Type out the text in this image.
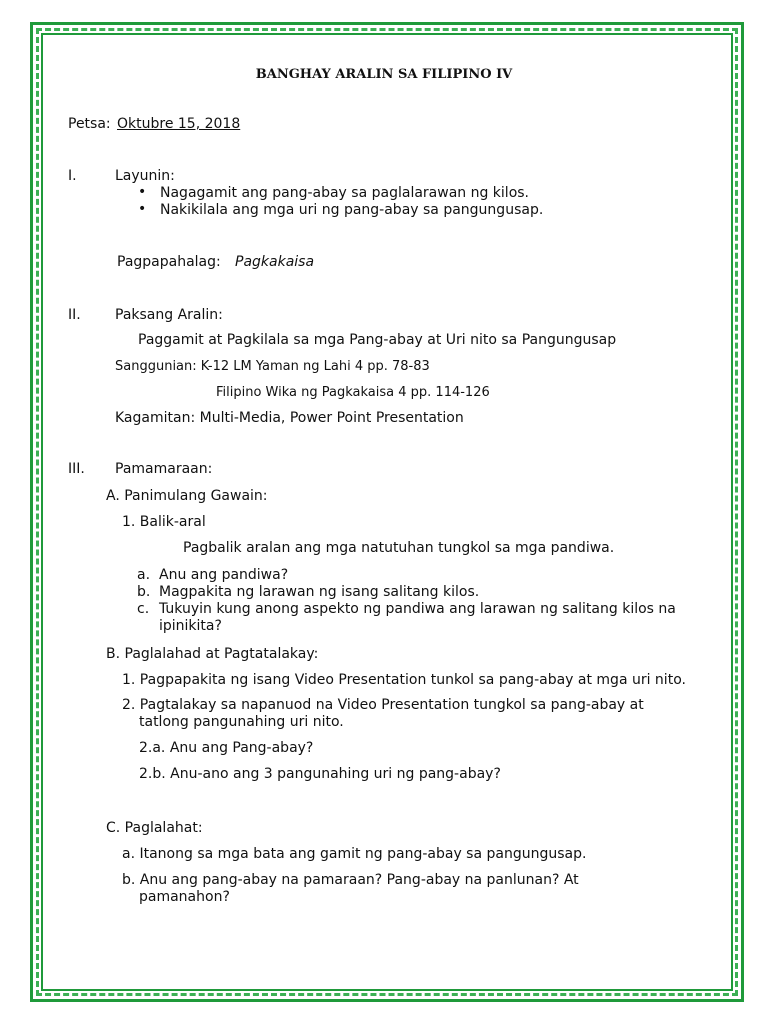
BANGHAY ARALIN SA FILIPINO IV
Petsa: Oktubre 15, 2018
I.	Layunin:
• Nagagamit ang pang-abay sa paglalarawan ng kilos.
• Nakikilala ang mga uri ng pang-abay sa pangungusap.
Pagpapahalag: Pagkakaisa
II. Paksang Aralin:
Paggamit at Pagkilala sa mga Pang-abay at Uri nito sa Pangungusap
Sanggunian: K-12 LM Yaman ng Lahi 4 pp. 78-83
Filipino Wika ng Pagkakaisa 4 pp. 114-126
Kagamitan: Multi-Media, Power Point Presentation
III. Pamamaraan:
A. Panimulang Gawain:
1. Balik-aral
Pagbalik aralan ang mga natutuhan tungkol sa mga pandiwa.
a. Anu ang pandiwa?
b. Magpakita ng larawan ng isang salitang kilos.
c. Tukuyin kung anong aspekto ng pandiwa ang larawan ng salitang kilos na
ipinikita?
B. Paglalahad at Pagtatalakay:
1. Pagpapakita ng isang Video Presentation tunkol sa pang-abay at mga uri nito.
2. Pagtalakay sa napanuod na Video Presentation tungkol sa pang-abay at
tatlong pangunahing uri nito.
2.a. Anu ang Pang-abay?
2.b. Anu-ano ang 3 pangunahing uri ng pang-abay?
C. Paglalahat:
a. Itanong sa mga bata ang gamit ng pang-abay sa pangungusap.
b. Anu ang pang-abay na pamaraan? Pang-abay na panlunan? At
pamanahon?
